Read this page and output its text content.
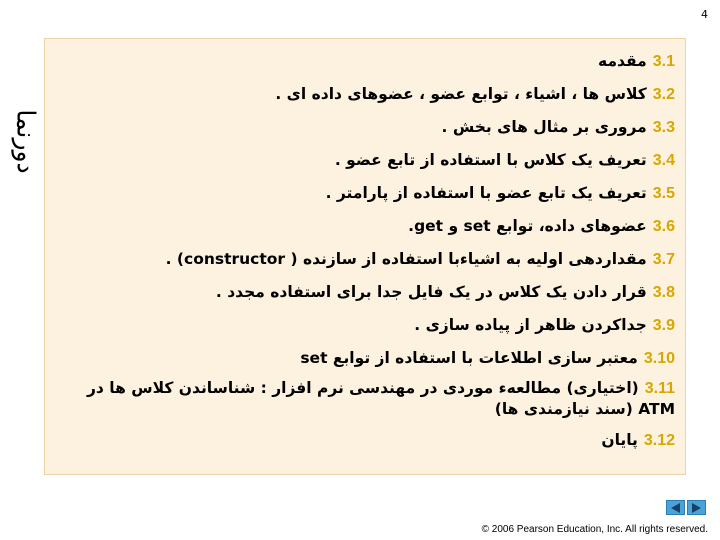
4
دورنما
3.1مقدمه
3.2کلاس ها ، اشیاء ، توابع عضو ، عضوهای داده ای .
3.3مروری بر مثال های بخش .
3.4تعریف یک کلاس با استفاده از تابع عضو .
3.5تعریف یک تابع عضو با استفاده از پارامتر .
3.6عضوهای داده، توابع set و get.
3.7مقداردهی اولیه به اشیاءبا استفاده از سازنده ( constructor) .
3.8قرار دادن یک کلاس در یک فایل جدا برای استفاده مجدد .
3.9جداکردن ظاهر از پیاده سازی .
3.10معتبر سازی اطلاعات با استفاده از توابع set
3.11(اختیاری) مطالعهء موردی در مهندسی نرم افزار : شناساندن کلاس ها در ATM (سند نیازمندی ها)
3.12پایان
© 2006 Pearson Education, Inc. All rights reserved.
